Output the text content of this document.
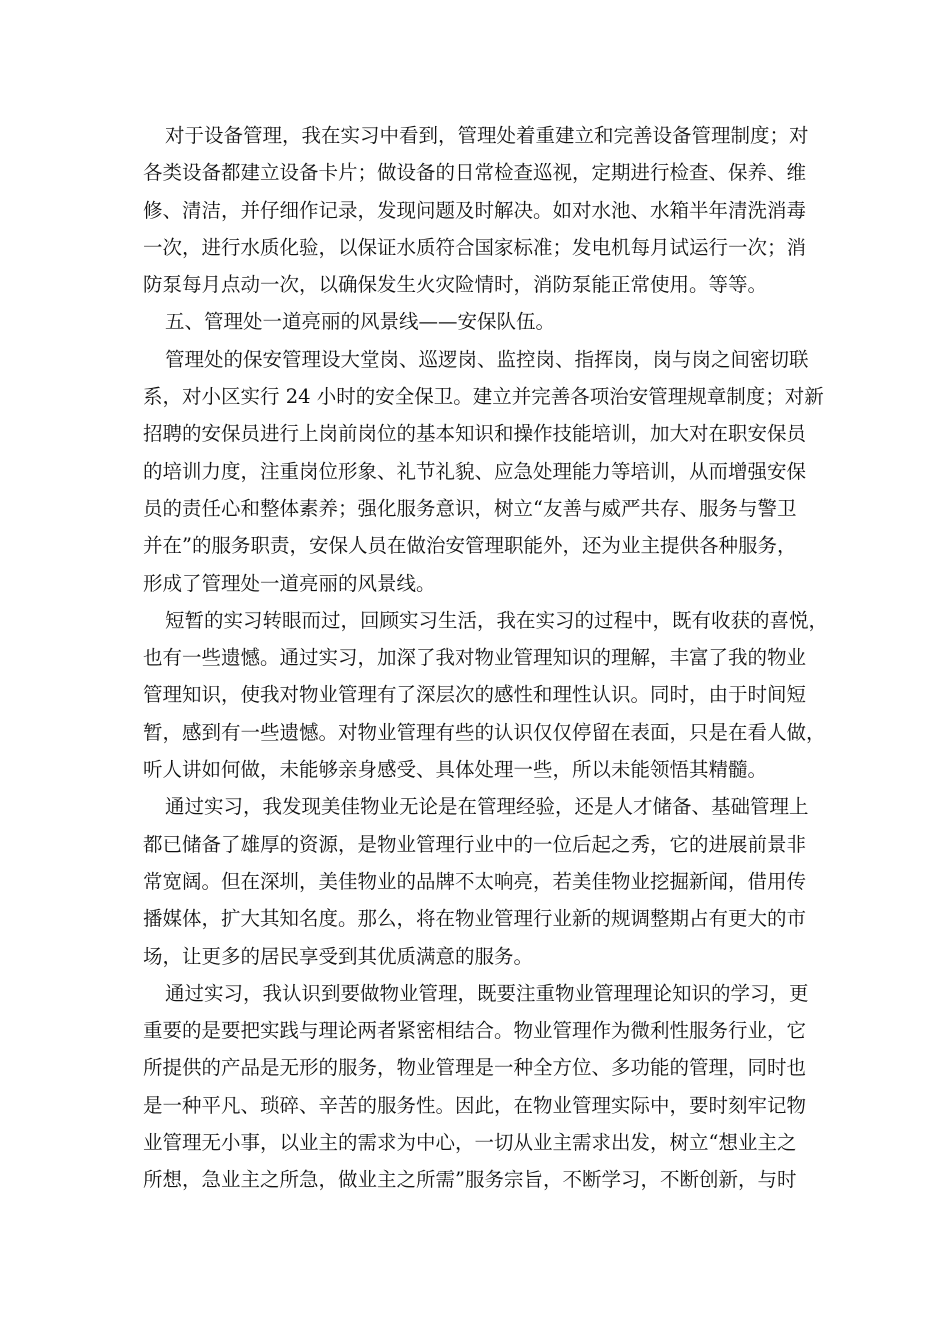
对于设备管理，我在实习中看到，管理处着重建立和完善设备管理制度；对
各类设备都建立设备卡片；做设备的日常检查巡视，定期进行检查、保养、维
修、清洁，并仔细作记录，发现问题及时解决。如对水池、水箱半年清洗消毒
一次，进行水质化验，以保证水质符合国家标准；发电机每月试运行一次；消
防泵每月点动一次，以确保发生火灾险情时，消防泵能正常使用。等等。

五、管理处一道亮丽的风景线——安保队伍。

管理处的保安管理设大堂岗、巡逻岗、监控岗、指挥岗，岗与岗之间密切联
系，对小区实行 24 小时的安全保卫。建立并完善各项治安管理规章制度；对新
招聘的安保员进行上岗前岗位的基本知识和操作技能培训，加大对在职安保员
的培训力度，注重岗位形象、礼节礼貌、应急处理能力等培训，从而增强安保
员的责任心和整体素养；强化服务意识，树立“友善与威严共存、服务与警卫
并在”的服务职责，安保人员在做治安管理职能外，还为业主提供各种服务，
形成了管理处一道亮丽的风景线。

短暂的实习转眼而过，回顾实习生活，我在实习的过程中，既有收获的喜悦，
也有一些遗憾。通过实习，加深了我对物业管理知识的理解，丰富了我的物业
管理知识，使我对物业管理有了深层次的感性和理性认识。同时，由于时间短
暂，感到有一些遗憾。对物业管理有些的认识仅仅停留在表面，只是在看人做，
听人讲如何做，未能够亲身感受、具体处理一些，所以未能领悟其精髓。

通过实习，我发现美佳物业无论是在管理经验，还是人才储备、基础管理上
都已储备了雄厚的资源，是物业管理行业中的一位后起之秀，它的进展前景非
常宽阔。但在深圳，美佳物业的品牌不太响亮，若美佳物业挖掘新闻，借用传
播媒体，扩大其知名度。那么，将在物业管理行业新的规调整期占有更大的市
场，让更多的居民享受到其优质满意的服务。

通过实习，我认识到要做物业管理，既要注重物业管理理论知识的学习，更
重要的是要把实践与理论两者紧密相结合。物业管理作为微利性服务行业，它
所提供的产品是无形的服务，物业管理是一种全方位、多功能的管理，同时也
是一种平凡、琐碎、辛苦的服务性。因此，在物业管理实际中，要时刻牢记物
业管理无小事，以业主的需求为中心，一切从业主需求出发，树立“想业主之
所想，急业主之所急，做业主之所需”服务宗旨，不断学习，不断创新，与时
